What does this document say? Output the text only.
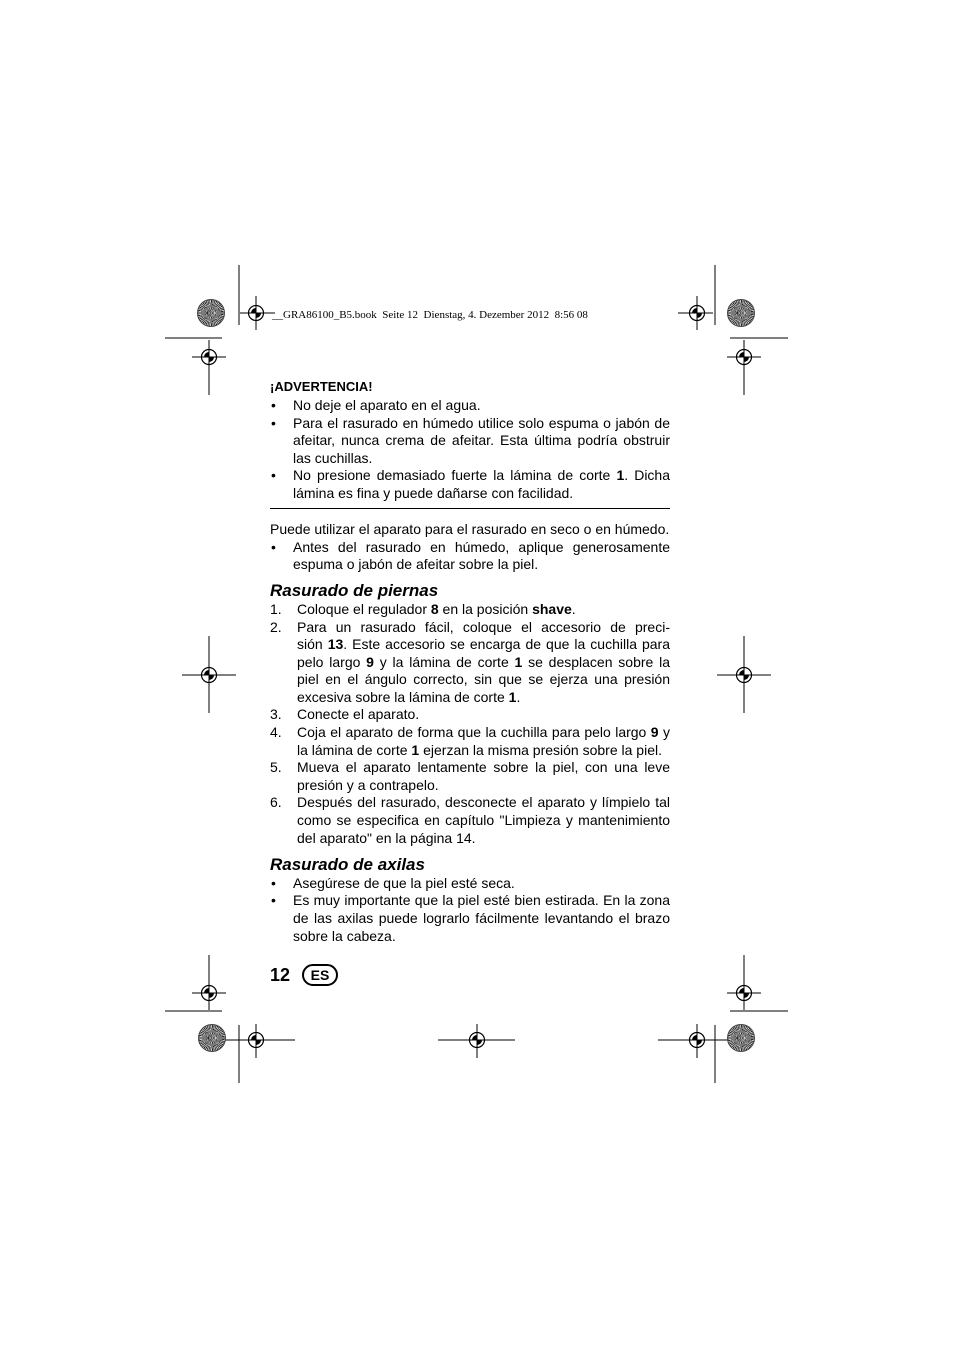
__GRA86100_B5.book  Seite 12  Dienstag, 4. Dezember 2012  8:56 08
¡ADVERTENCIA!
• No deje el aparato en el agua.
• Para el rasurado en húmedo utilice solo espuma o jabón de
afeitar, nunca crema de afeitar. Esta última podría obstruir
las cuchillas.
• No presione demasiado fuerte la lámina de corte 1. Dicha
lámina es fina y puede dañarse con facilidad.
Puede utilizar el aparato para el rasurado en seco o en húmedo.
• Antes del rasurado en húmedo, aplique generosamente
espuma o jabón de afeitar sobre la piel.
Rasurado de piernas
1. Coloque el regulador 8 en la posición shave.
2. Para un rasurado fácil, coloque el accesorio de preci-
sión 13. Este accesorio se encarga de que la cuchilla para
pelo largo 9 y la lámina de corte 1 se desplacen sobre la
piel en el ángulo correcto, sin que se ejerza una presión
excesiva sobre la lámina de corte 1.
3. Conecte el aparato.
4. Coja el aparato de forma que la cuchilla para pelo largo 9 y
la lámina de corte 1 ejerzan la misma presión sobre la piel.
5. Mueva el aparato lentamente sobre la piel, con una leve
presión y a contrapelo.
6. Después del rasurado, desconecte el aparato y límpielo tal
como se especifica en capítulo "Limpieza y mantenimiento
del aparato" en la página 14.
Rasurado de axilas
• Asegúrese de que la piel esté seca.
• Es muy importante que la piel esté bien estirada. En la zona
de las axilas puede lograrlo fácilmente levantando el brazo
sobre la cabeza.
12	ES
